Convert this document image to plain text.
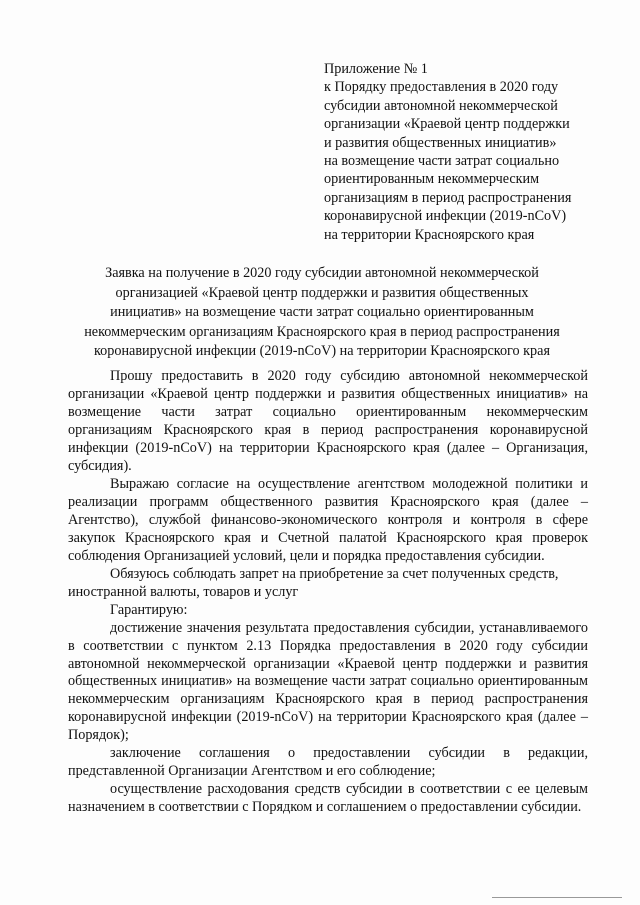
Приложение № 1
к Порядку предоставления в 2020 году
субсидии автономной некоммерческой
организации «Краевой центр поддержки
и развития общественных инициатив»
на возмещение части затрат социально
ориентированным некоммерческим
организациям в период распространения
коронавирусной инфекции (2019-nCoV)
на территории Красноярского края
Заявка на получение в 2020 году субсидии автономной некоммерческой
организацией «Краевой центр поддержки и развития общественных
инициатив» на возмещение части затрат социально ориентированным
некоммерческим организациям Красноярского края в период распространения
коронавирусной инфекции (2019-nCoV) на территории Красноярского края

Прошу предоставить в 2020 году субсидию автономной некоммерческой организации «Краевой центр поддержки и развития общественных инициатив» на возмещение части затрат социально ориентированным некоммерческим организациям Красноярского края в период распространения коронавирусной инфекции (2019-nCoV) на территории Красноярского края (далее – Организация, субсидия).

Выражаю согласие на осуществление агентством молодежной политики и реализации программ общественного развития Красноярского края (далее – Агентство), службой финансово-экономического контроля и контроля в сфере закупок Красноярского края и Счетной палатой Красноярского края проверок соблюдения Организацией условий, цели и порядка предоставления субсидии.

Обязуюсь соблюдать запрет на приобретение за счет полученных средств, иностранной валюты, товаров и услуг

Гарантирую:

достижение значения результата предоставления субсидии, устанавливаемого в соответствии с пунктом 2.13 Порядка предоставления в 2020 году субсидии автономной некоммерческой организации «Краевой центр поддержки и развития общественных инициатив» на возмещение части затрат социально ориентированным некоммерческим организациям Красноярского края в период распространения коронавирусной инфекции (2019-nCoV) на территории Красноярского края (далее – Порядок);

заключение соглашения о предоставлении субсидии в редакции, представленной Организации Агентством и его соблюдение;

осуществление расходования средств субсидии в соответствии с ее целевым назначением в соответствии с Порядком и соглашением о предоставлении субсидии.
